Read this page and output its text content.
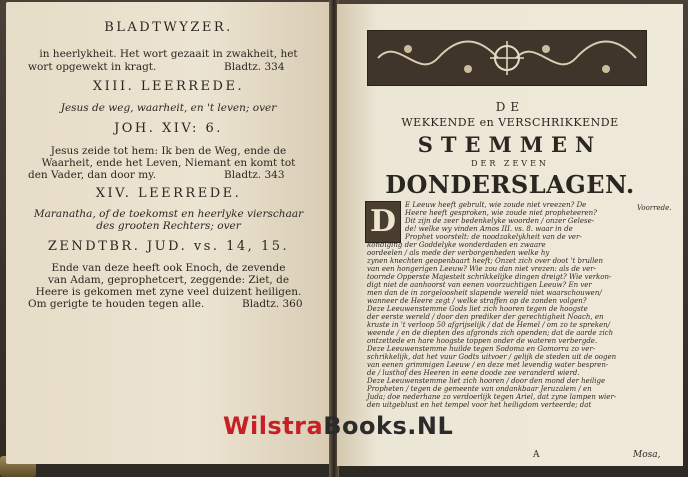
BLADTWYZER.
in heerlykheit. Het wort gezaait in zwakheit, het
wort opgewekt in kragt.	Bladtz. 334
XIII. LEERREDE.
Jesus de weg, waarheit, en 't leven; over
JOH. XIV: 6.
Jesus zeide tot hem: Ik ben de Weg, ende de
Waarheit, ende het Leven, Niemant en komt tot
den Vader, dan door my.	Bladtz. 343
XIV. LEERREDE.
Maranatha, of de toekomst en heerlyke vierschaar
des grooten Rechters; over
ZENDTBR. JUD. vs. 14, 15.
Ende van deze heeft ook Enoch, de zevende
van Adam, geprophetcert, zeggende: Ziet, de
Heere is gekomen met zyne veel duizent heiligen.
Om gerigte te houden tegen alle.	Bladtz. 360
DE
WEKKENDE en VERSCHRIKKENDE
STEMMEN
DER ZEVEN
DONDERSLAGEN.
D	Voorrede.
E Leeuw heeft gebrult, wie zoude niet vreezen? De
Heere heeft gesproken, wie zoude niet propheteeren?
Dit zijn de zeer bedenkelyke woorden / onzer Gelese-
de! welke wy vinden Amos III. vs. 8. waar in de
Prophet voorstelt: de noodzakelykheit van de ver-
kondiging der Goddelyke wonderdaden en zwaare
oordeelen / als mede der verborgenheden welke hy
zynen knechten geopenbaart heeft; Onzet zich over doot 't brullen
van een hongerigen Leeuw? Wie zou dan niet vrezen: als de ver-
toornde Opperste Majesteit schrikkelijke dingen dreigt? Wie verkon-
digt niet de aanhoorst van eenen voorzuchtigen Leeuw? En ver
men dan de in zorgeloosheit slapende wereld niet waarschouwen/
wanneer de Heere zegt / welke straffen op de zonden volgen?
Deze Leeuwenstemme Gods liet zich hooren tegen de hoogste
der eerste wereld / door den prediker der gerechtigheit Noach, en
kruste in 't verloop 50 afgrijselijk / dat de Hemel / om zo te spreken/
weende / en de diepten des afgronds zich openden; dat de aarde zich
ontzettede en hare hoogste toppen onder de wateren verbergde.
Deze Leeuwenstemme huilde tegen Sodoma en Gomorra zo ver-
schrikkelijk, dat het vuur Godts uitvoer / gelijk de steden uit de oogen
van eenen grimmigen Leeuw / en deze met levendig water bespren-
de / lusthof des Heeren in eene doode zee veranderd wierd.
Deze Leeuwenstemme liet zich hooren / door den mond der heilige
Propheten / tegen de gemeente van ondankbaar Jeruzalem / en
Juda; doe nederhane zo verdoerlijk tegen Ariel, dat zyne lampen wier-
den uitgeblust en het tempel voor het heiligdom verteerde; dat
A	Mosa,
WilstraBooks.NL
